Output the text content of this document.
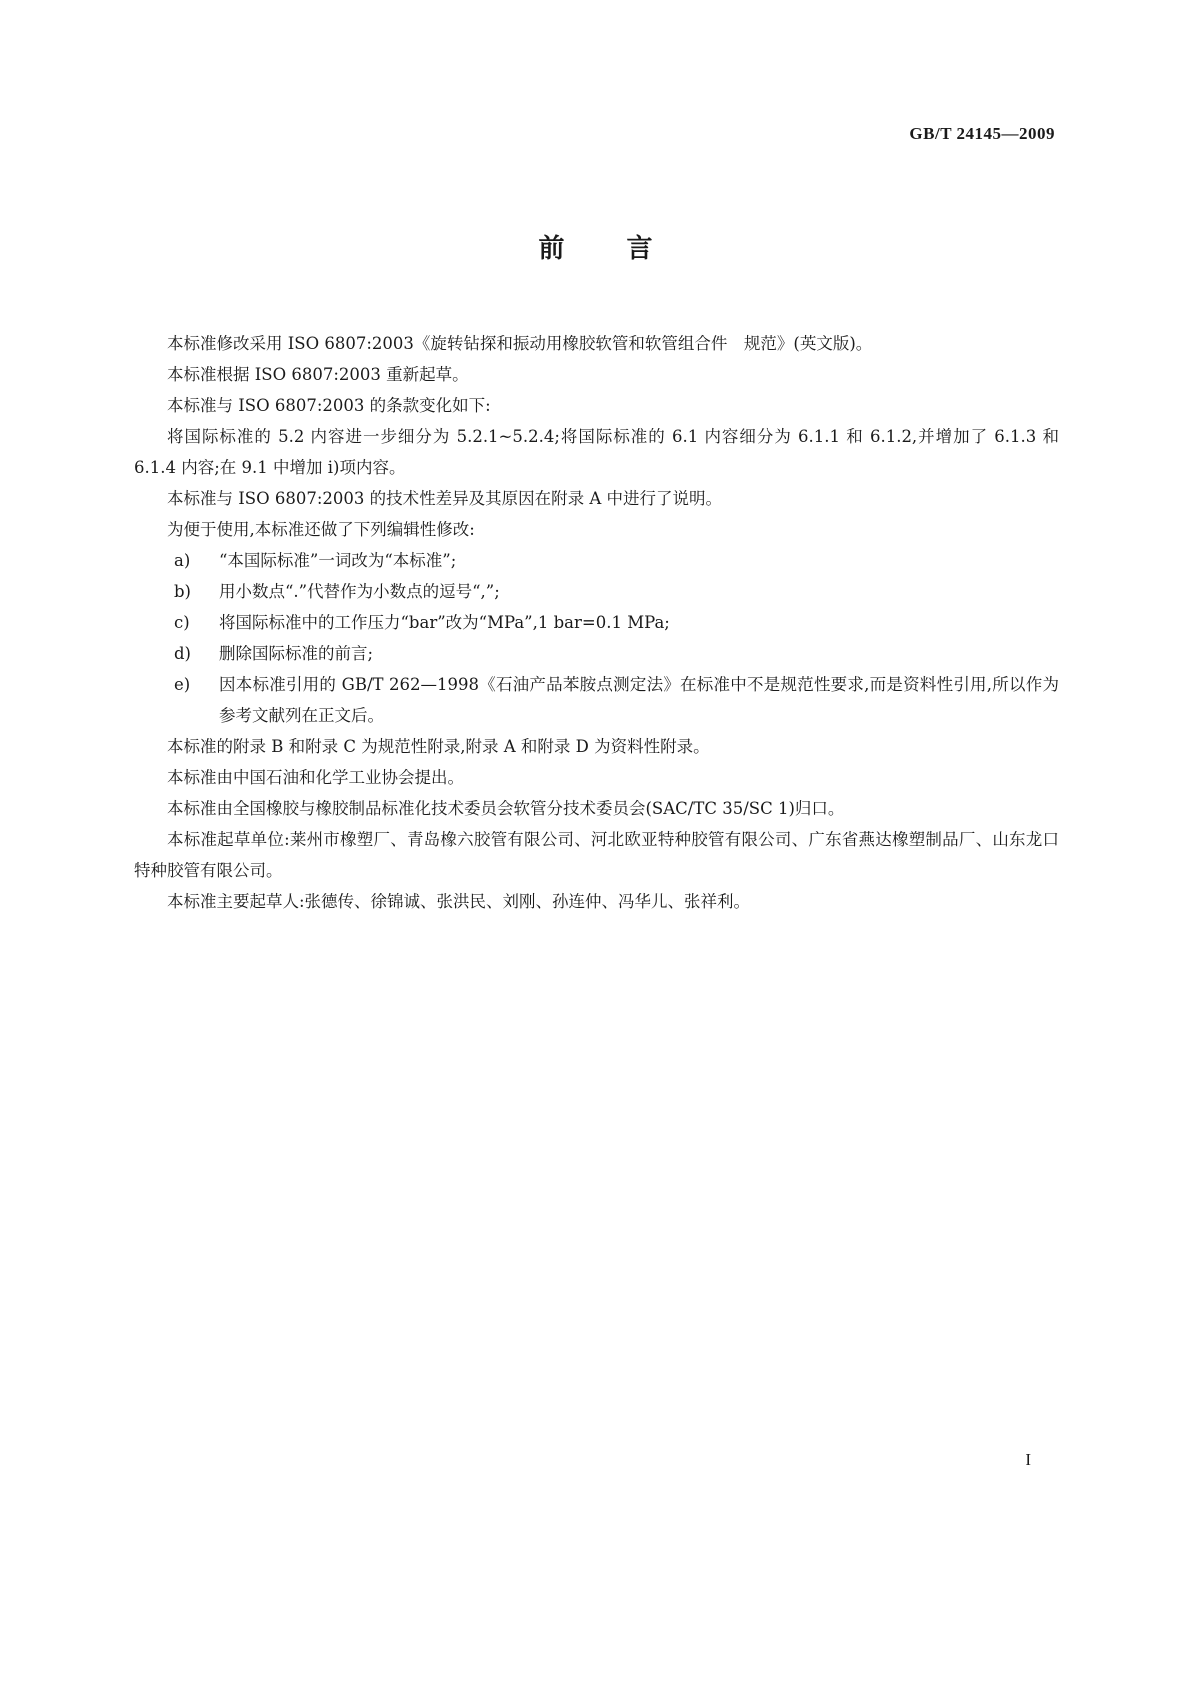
GB/T 24145—2009
前言

本标准修改采用 ISO 6807:2003《旋转钻探和振动用橡胶软管和软管组合件　规范》(英文版)。

本标准根据 ISO 6807:2003 重新起草。

本标准与 ISO 6807:2003 的条款变化如下:

将国际标准的 5.2 内容进一步细分为 5.2.1~5.2.4;将国际标准的 6.1 内容细分为 6.1.1 和 6.1.2,并增加了 6.1.3 和 6.1.4 内容;在 9.1 中增加 i)项内容。

本标准与 ISO 6807:2003 的技术性差异及其原因在附录 A 中进行了说明。

为便于使用,本标准还做了下列编辑性修改:

a) “本国际标准”一词改为“本标准”;

b) 用小数点“.”代替作为小数点的逗号“,”;

c) 将国际标准中的工作压力“bar”改为“MPa”,1 bar=0.1 MPa;

d) 删除国际标准的前言;

e) 因本标准引用的 GB/T 262—1998《石油产品苯胺点测定法》在标准中不是规范性要求,而是资料性引用,所以作为参考文献列在正文后。

本标准的附录 B 和附录 C 为规范性附录,附录 A 和附录 D 为资料性附录。

本标准由中国石油和化学工业协会提出。

本标准由全国橡胶与橡胶制品标准化技术委员会软管分技术委员会(SAC/TC 35/SC 1)归口。

本标准起草单位:莱州市橡塑厂、青岛橡六胶管有限公司、河北欧亚特种胶管有限公司、广东省燕达橡塑制品厂、山东龙口特种胶管有限公司。

本标准主要起草人:张德传、徐锦诚、张洪民、刘刚、孙连仲、冯华儿、张祥利。

I
